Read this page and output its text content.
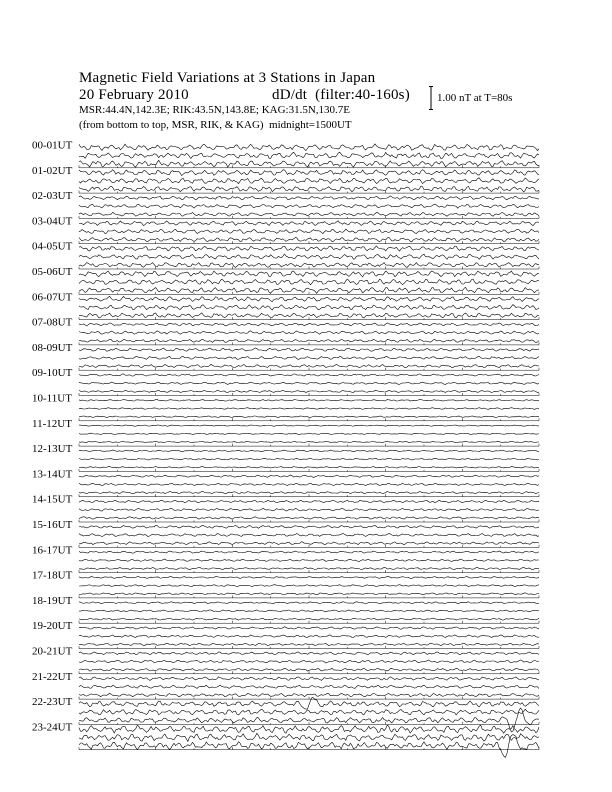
Magnetic Field Variations at 3 Stations in Japan
20 February 2010	dD/dt  (filter:40-160s)
MSR:44.4N,142.3E; RIK:43.5N,143.8E; KAG:31.5N,130.7E
(from bottom to top, MSR, RIK, & KAG)  midnight=1500UT
1.00 nT at T=80s
00-01UT
01-02UT
02-03UT
03-04UT
04-05UT
05-06UT
06-07UT
07-08UT
08-09UT
09-10UT
10-11UT
11-12UT
12-13UT
13-14UT
14-15UT
15-16UT
16-17UT
17-18UT
18-19UT
19-20UT
20-21UT
21-22UT
22-23UT
23-24UT
